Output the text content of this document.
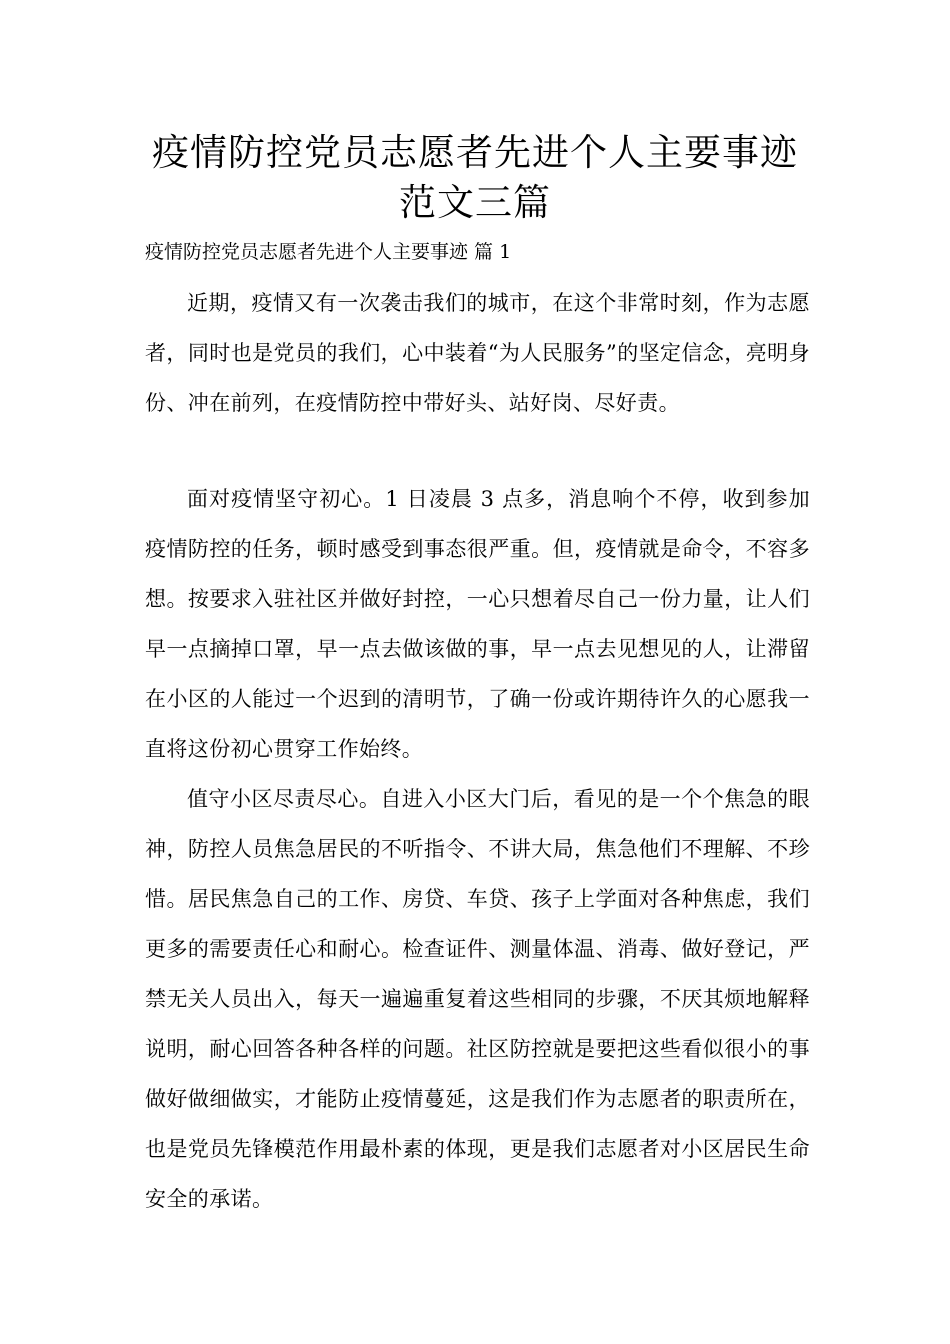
疫情防控党员志愿者先进个人主要事迹
范文三篇
疫情防控党员志愿者先进个人主要事迹 篇 1

近期，疫情又有一次袭击我们的城市，在这个非常时刻，作为志愿者，同时也是党员的我们，心中装着“为人民服务”的坚定信念，亮明身份、冲在前列，在疫情防控中带好头、站好岗、尽好责。

面对疫情坚守初心。1 日凌晨 3 点多，消息响个不停，收到参加疫情防控的任务，顿时感受到事态很严重。但，疫情就是命令，不容多想。按要求入驻社区并做好封控，一心只想着尽自己一份力量，让人们早一点摘掉口罩，早一点去做该做的事，早一点去见想见的人，让滞留在小区的人能过一个迟到的清明节，了确一份或许期待许久的心愿我一直将这份初心贯穿工作始终。

值守小区尽责尽心。自进入小区大门后，看见的是一个个焦急的眼神，防控人员焦急居民的不听指令、不讲大局，焦急他们不理解、不珍惜。居民焦急自己的工作、房贷、车贷、孩子上学面对各种焦虑，我们更多的需要责任心和耐心。检查证件、测量体温、消毒、做好登记，严禁无关人员出入，每天一遍遍重复着这些相同的步骤，不厌其烦地解释说明，耐心回答各种各样的问题。社区防控就是要把这些看似很小的事做好做细做实，才能防止疫情蔓延，这是我们作为志愿者的职责所在，也是党员先锋模范作用最朴素的体现，更是我们志愿者对小区居民生命安全的承诺。
